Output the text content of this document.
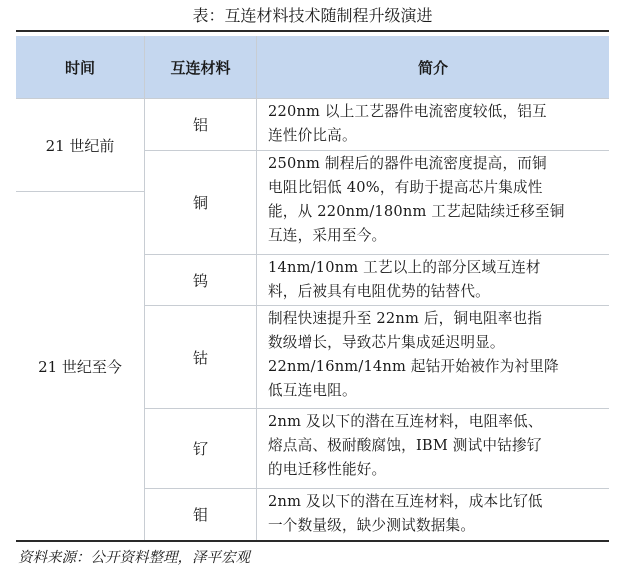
表：互连材料技术随制程升级演进
时间	互连材料	简介
21 世纪前
21 世纪至今
铝
铜
钨
钴
钌
钼
220nm 以上工艺器件电流密度较低，铝互
连性价比高。
250nm 制程后的器件电流密度提高，而铜
电阻比铝低 40%，有助于提高芯片集成性
能，从 220nm/180nm 工艺起陆续迁移至铜
互连，采用至今。
14nm/10nm 工艺以上的部分区域互连材
料，后被具有电阻优势的钴替代。
制程快速提升至 22nm 后，铜电阻率也指
数级增长，导致芯片集成延迟明显。
22nm/16nm/14nm 起钴开始被作为衬里降
低互连电阻。
2nm 及以下的潜在互连材料，电阻率低、
熔点高、极耐酸腐蚀，IBM 测试中钴掺钌
的电迁移性能好。
2nm 及以下的潜在互连材料，成本比钌低
一个数量级，缺少测试数据集。
资料来源：公开资料整理，泽平宏观
